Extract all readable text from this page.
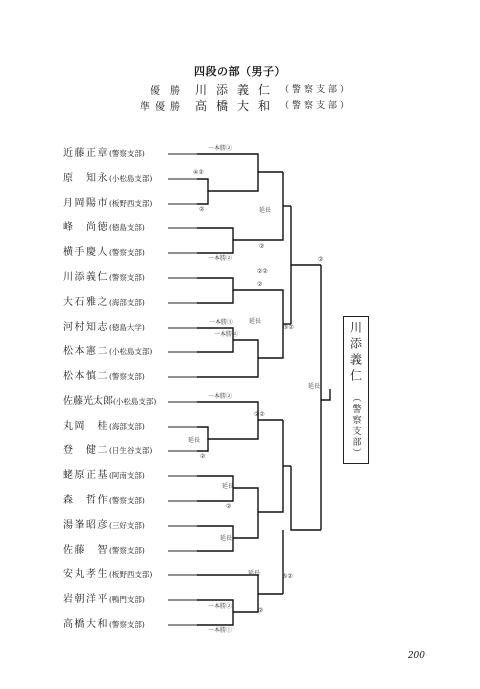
四段の部（男子）
優勝 川添義仁 （警察支部）
準優勝 高橋大和 （警察支部）
近藤正章(警察支部)
原　知永(小松島支部)
月岡陽市(板野西支部)
峰　尚徳(徳島支部)
横手慶人(警察支部)
川添義仁(警察支部)
大石雅之(海部支部)
河村知志(徳島大学)
松本憲二(小松島支部)
松本慎二(警察支部)
佐藤光太郎(小松島支部)
丸岡　桂(海部支部)
登　健二(日生谷支部)
蛯原正基(阿南支部)
森　哲作(警察支部)
湯峯昭彦(三好支部)
佐藤　智(警察支部)
安丸孝生(板野西支部)
岩朝洋平(鴨門支部)
高橋大和(警察支部)
川添義仁
（警察支部）
一本勝②
④②
②	延長
②
一本勝②
②②
②
②
一本勝③
一本勝②
延長
⑤②
一本勝②
②②
延長
②
延長
延長
②
延長
延長	⑤②
一本勝②
②
一本勝①
200
